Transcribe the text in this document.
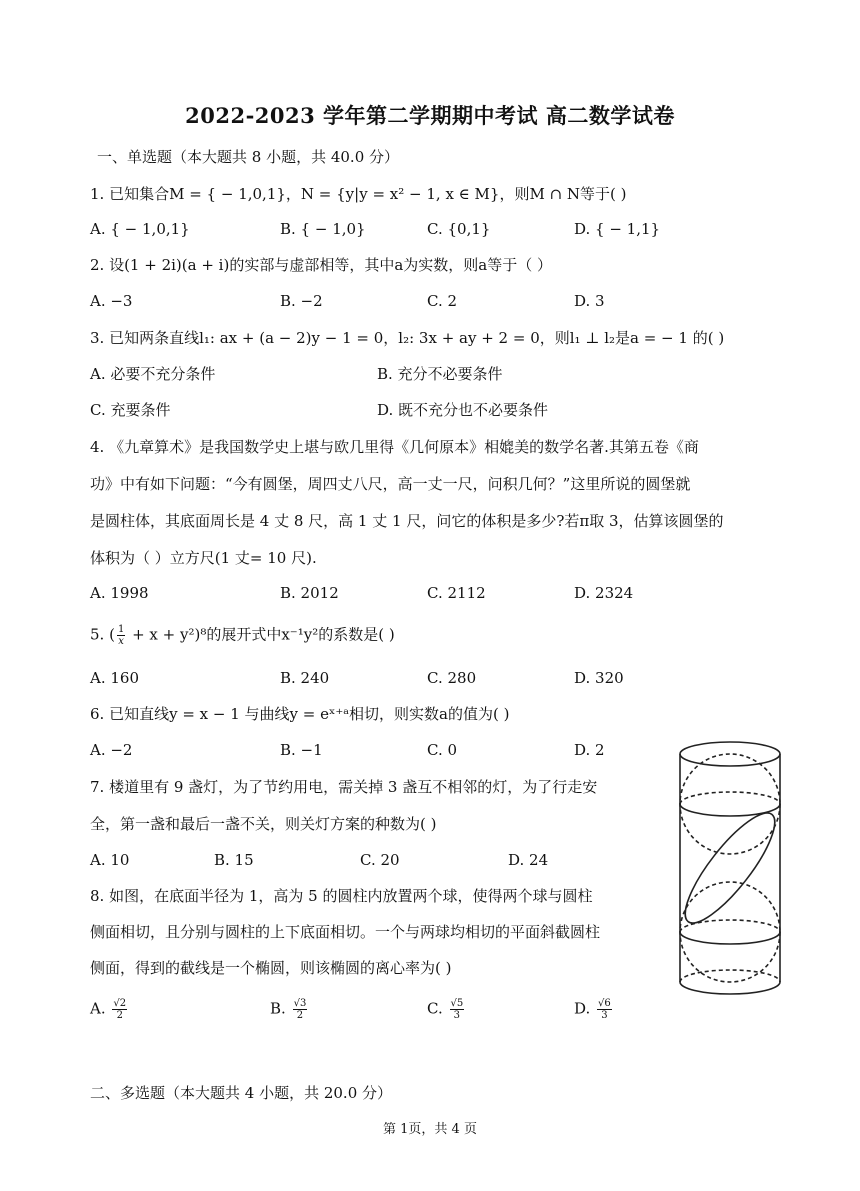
2022-2023 学年第二学期期中考试 高二数学试卷
一、单选题（本大题共 8 小题，共 40.0 分）
1. 已知集合M = { − 1,0,1}，N = {y|y = x² − 1, x ∈ M}，则M ∩ N等于( )
A. { − 1,0,1}	B. { − 1,0}	C. {0,1}	D. { − 1,1}
2. 设(1 + 2i)(a + i)的实部与虚部相等，其中a为实数，则a等于（ ）
A. −3	B. −2	C. 2	D. 3
3. 已知两条直线l₁: ax + (a − 2)y − 1 = 0，l₂: 3x + ay + 2 = 0，则l₁ ⊥ l₂是a = − 1 的( )
A. 必要不充分条件	B. 充分不必要条件
C. 充要条件	D. 既不充分也不必要条件
4. 《九章算术》是我国数学史上堪与欧几里得《几何原本》相媲美的数学名著.其第五卷《商
功》中有如下问题：“今有圆堡，周四丈八尺，高一丈一尺，问积几何？”这里所说的圆堡就
是圆柱体，其底面周长是 4 丈 8 尺，高 1 丈 1 尺，问它的体积是多少?若π取 3，估算该圆堡的
体积为（ ）立方尺(1 丈= 10 尺).
A. 1998	B. 2012	C. 2112	D. 2324
5. ( $\frac{1}{x} + x + y^2)^8$的展开式中x⁻¹y²的系数是( )
A. 160	B. 240	C. 280	D. 320
6. 已知直线y = x − 1 与曲线y = eˣ⁺ᵃ相切，则实数a的值为( )
A. −2	B. −1	C. 0	D. 2
7. 楼道里有 9 盏灯，为了节约用电，需关掉 3 盏互不相邻的灯，为了行走安
全，第一盏和最后一盏不关，则关灯方案的种数为( )
A. 10	B. 15	C. 20	D. 24
8. 如图，在底面半径为 1，高为 5 的圆柱内放置两个球，使得两个球与圆柱
侧面相切，且分别与圆柱的上下底面相切。一个与两球均相切的平面斜截圆柱
侧面，得到的截线是一个椭圆，则该椭圆的离心率为( )
A. $\frac{√2}{2}$	B. $\frac{√3}{2}$	C. $\frac{√5}{3}$	D. $\frac{√6}{3}$
二、多选题（本大题共 4 小题，共 20.0 分）
第 1页，共 4 页
